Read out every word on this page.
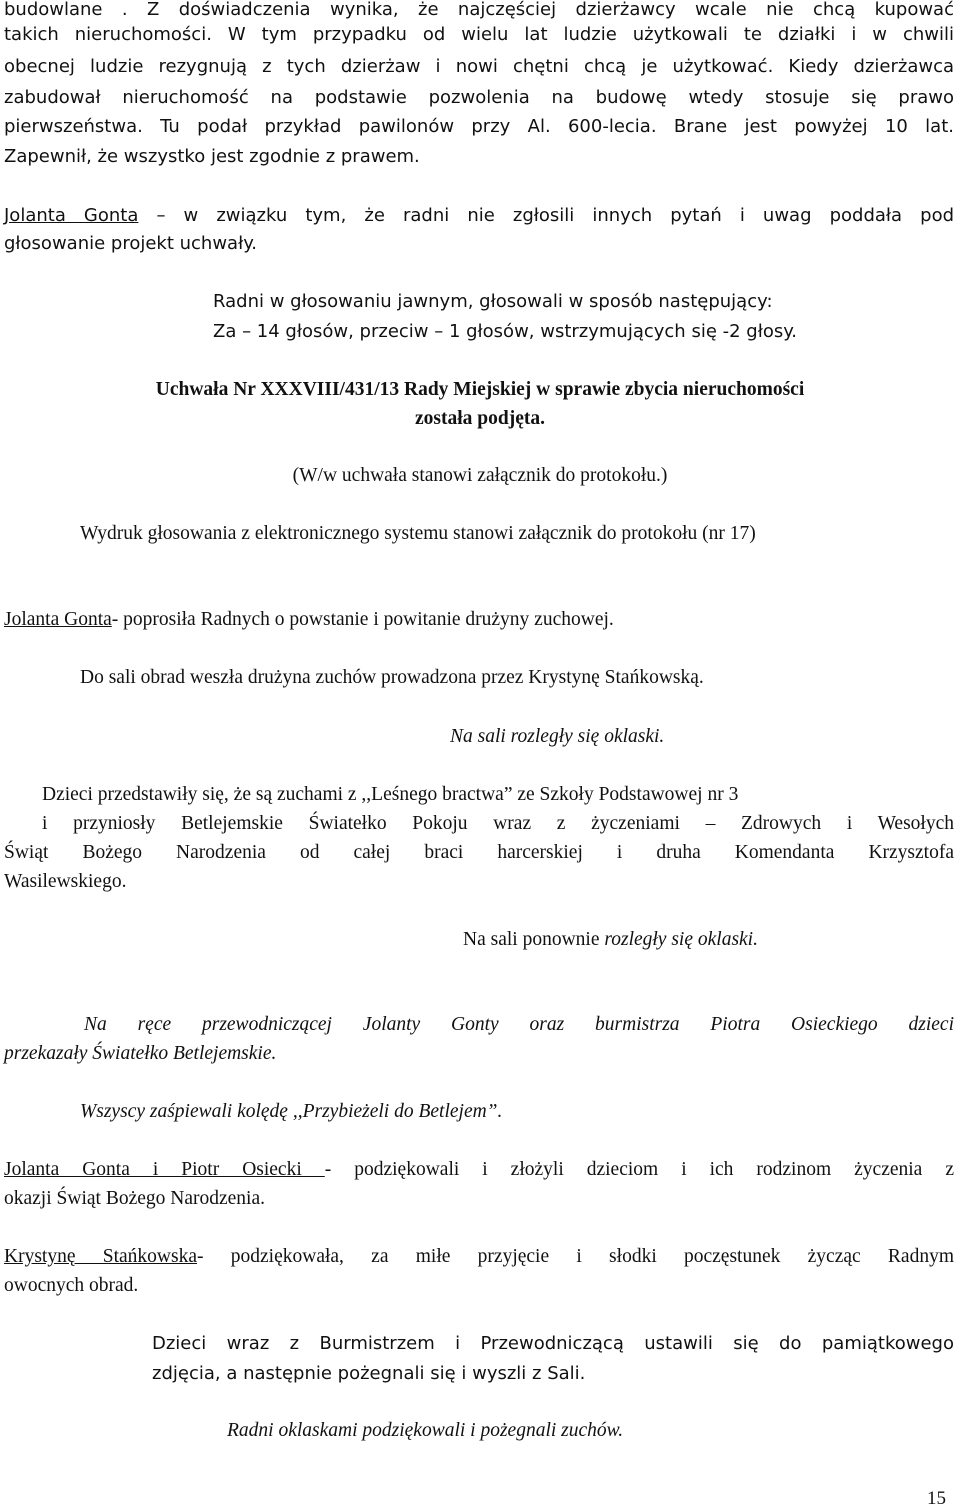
budowlane . Z doświadczenia wynika, że najczęściej dzierżawcy wcale nie chcą kupować
takich nieruchomości. W tym przypadku od wielu lat ludzie użytkowali te działki i w chwili
obecnej ludzie rezygnują z tych dzierżaw i nowi chętni chcą je użytkować. Kiedy dzierżawca
zabudował nieruchomość na podstawie pozwolenia na budowę wtedy stosuje się prawo
pierwszeństwa. Tu podał przykład pawilonów przy Al. 600-lecia. Brane jest powyżej 10 lat.
Zapewnił, że wszystko jest zgodnie z prawem.
Jolanta Gonta – w związku tym, że radni nie zgłosili innych pytań i uwag poddała pod
głosowanie projekt uchwały.
Radni w głosowaniu jawnym, głosowali w sposób następujący:
Za – 14 głosów, przeciw – 1 głosów, wstrzymujących się -2 głosy.
Uchwała Nr XXXVIII/431/13 Rady Miejskiej w sprawie zbycia nieruchomości
została podjęta.
(W/w uchwała stanowi załącznik do protokołu.)
Wydruk głosowania z elektronicznego systemu stanowi załącznik do protokołu (nr 17)
Jolanta Gonta- poprosiła Radnych o powstanie i powitanie drużyny zuchowej.
Do sali obrad weszła drużyna zuchów prowadzona przez Krystynę Stańkowską.
Na sali rozległy się oklaski.
Dzieci przedstawiły się, że są zuchami z ,,Leśnego bractwa” ze Szkoły Podstawowej nr 3
i przyniosły Betlejemskie Światełko Pokoju wraz z życzeniami – Zdrowych i Wesołych
Świąt Bożego Narodzenia od całej braci harcerskiej i druha Komendanta Krzysztofa
Wasilewskiego.
Na sali ponownie rozległy się oklaski.
Na ręce przewodniczącej Jolanty Gonty oraz burmistrza Piotra Osieckiego dzieci
przekazały Światełko Betlejemskie.
Wszyscy zaśpiewali kolędę ,,Przybieżeli do Betlejem”.
Jolanta Gonta i Piotr Osiecki - podziękowali i złożyli dzieciom i ich rodzinom życzenia z
okazji Świąt Bożego Narodzenia.
Krystynę Stańkowska- podziękowała, za miłe przyjęcie i słodki poczęstunek życząc Radnym
owocnych obrad.
Dzieci wraz z Burmistrzem i Przewodniczącą ustawili się do pamiątkowego
zdjęcia, a następnie pożegnali się i wyszli z Sali.
Radni oklaskami podziękowali i pożegnali zuchów.
15
